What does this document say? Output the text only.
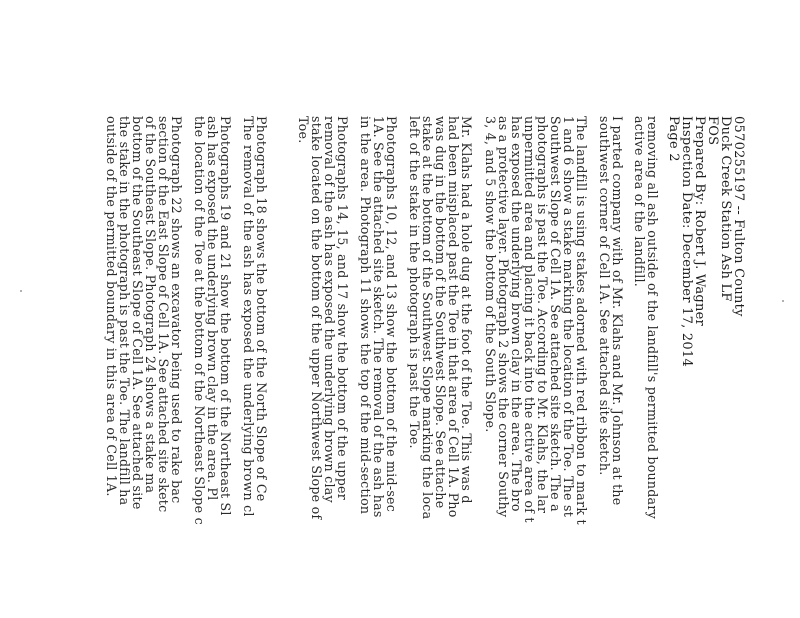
0570255197 -- Fulton County
Duck Creek Station Ash LF
FOS
Prepared By: Robert J. Wagner
Inspection Date: December 17, 2014
Page 2
removing all ash outside of the landfill's permitted boundary
active area of the landfill.
I parted company with of Mr. Klahs and Mr. Johnson at the
southwest corner of Cell 1A. See attached site sketch.
The landfill is using stakes adorned with red ribbon to mark t
1 and 6 show a stake marking the location of the Toe. The st
Southwest Slope of Cell 1A. See attached site sketch. The a
photographs is past the Toe. According to Mr. Klahs, the lar
unpermitted area and placing it back into the active area of t
has exposed the underlying brown clay in the area. The bro
as a protective layer. Photograph 2 shows the corner Southy
3, 4, and 5 show the bottom of the South Slope.
Mr. Klahs had a hole dug at the foot of the Toe. This was d
had been misplaced past the Toe in that area of Cell 1A. Pho
was dug in the bottom of the Southwest Slope. See attache
stake at the bottom of the Southwest Slope marking the loca
left of the stake in the photograph is past the Toe.
Photographs 10, 12, and 13 show the bottom of the mid-sec
1A. See the attached site sketch. The removal of the ash has
in the area. Photograph 11 shows the top of the mid-section
Photographs 14, 15, and 17 show the bottom of the upper
removal of the ash has exposed the underlying brown clay
stake located on the bottom of the upper Northwest Slope of
Toe.
Photograph 18 shows the bottom of the North Slope of Ce
The removal of the ash has exposed the underlying brown cl
Photographs 19 and 21 show the bottom of the Northeast Sl
ash has exposed the underlying brown clay in the area. Pl
the location of the Toe at the bottom of the Northeast Slope c
Photograph 22 shows an excavator being used to rake bac
section of the East Slope of Cell 1A. See attached site sketc
of the Southeast Slope. Photograph 24 shows a stake ma
bottom of the Southeast Slope of Cell 1A. See attached site
the stake in the photograph is past the Toe. The landfill ha
outside of the permitted boundary in this area of Cell 1A.
